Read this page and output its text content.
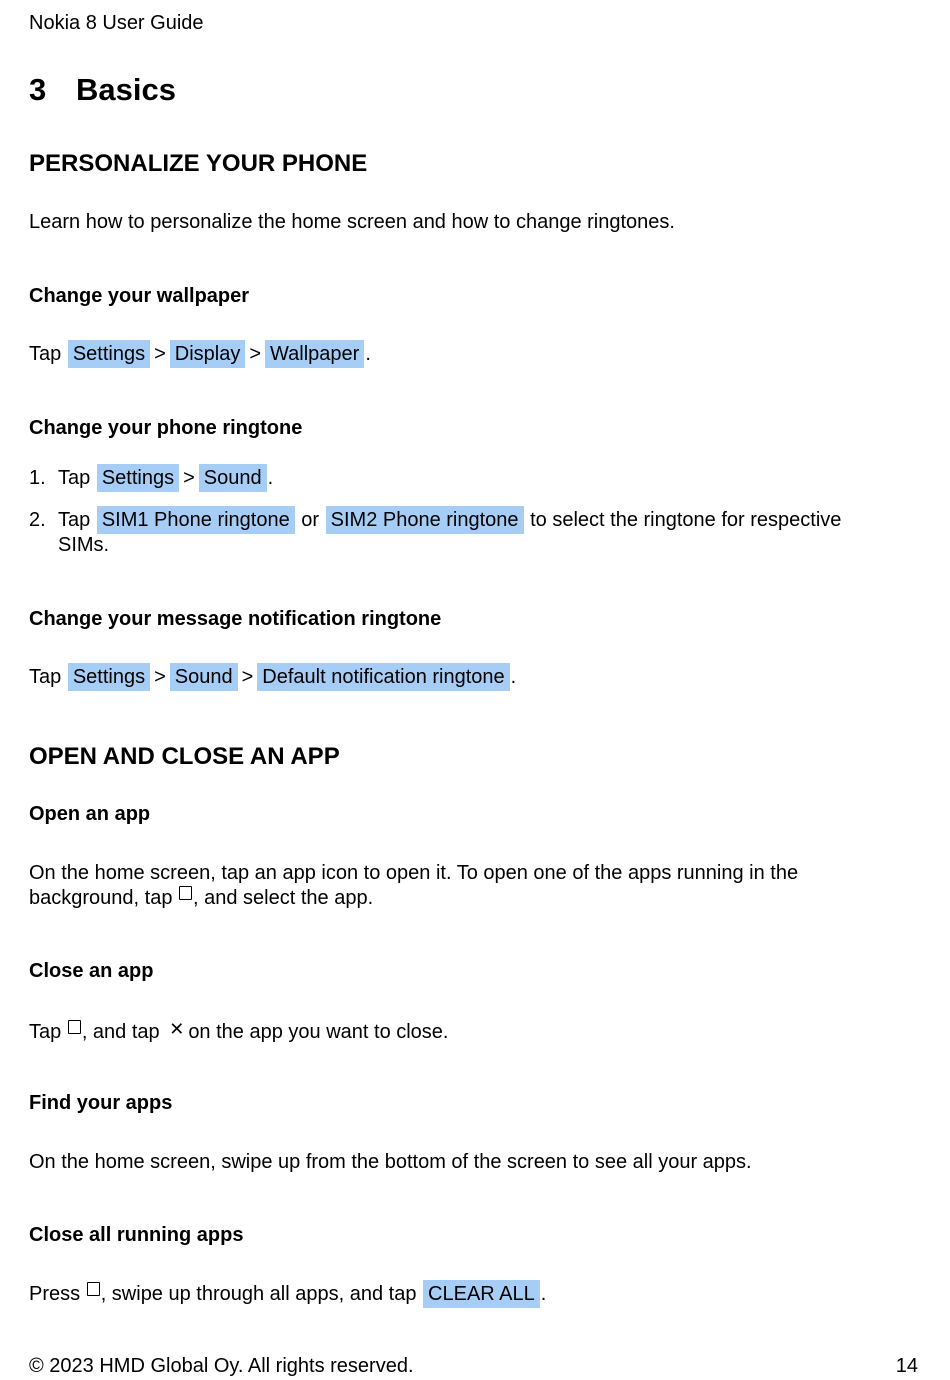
Nokia 8 User Guide
3 Basics
PERSONALIZE YOUR PHONE
Learn how to personalize the home screen and how to change ringtones.
Change your wallpaper
Tap Settings > Display > Wallpaper .
Change your phone ringtone
1. Tap Settings > Sound .
2. Tap SIM1 Phone ringtone or SIM2 Phone ringtone to select the ringtone for respective
SIMs.
Change your message notification ringtone
Tap Settings > Sound > Default notification ringtone .
OPEN AND CLOSE AN APP
Open an app
On the home screen, tap an app icon to open it. To open one of the apps running in the
background, tap , and select the app.
Close an app
Tap , and tap ✕ on the app you want to close.
Find your apps
On the home screen, swipe up from the bottom of the screen to see all your apps.
Close all running apps
Press , swipe up through all apps, and tap CLEAR ALL .
© 2023 HMD Global Oy. All rights reserved.	14
